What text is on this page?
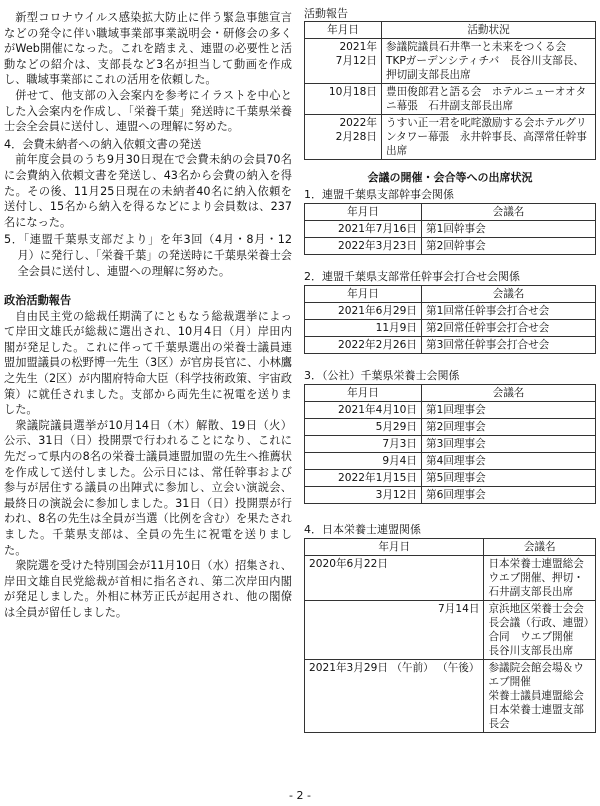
新型コロナウイルス感染拡大防止に伴う緊急事態宣言などの発令に伴い職域事業部事業説明会・研修会の多くがWeb開催になった。これを踏まえ、連盟の必要性と活動などの紹介は、支部長など3名が担当して動画を作成し、職域事業部にこれの活用を依頼した。

併せて、他支部の入会案内を参考にイラストを中心とした入会案内を作成し、「栄養千葉」発送時に千葉県栄養士会全会員に送付し、連盟への理解に努めた。

4．会費未納者への納入依頼文書の発送

前年度会員のうち9月30日現在で会費未納の会員70名に会費納入依頼文書を発送し、43名から会費の納入を得た。その後、11月25日現在の未納者40名に納入依頼を送付し、15名から納入を得るなどにより会員数は、237名になった。

5．「連盟千葉県支部だより」を年3回（4月・8月・12月）に発行し、「栄養千葉」の発送時に千葉県栄養士会全会員に送付し、連盟への理解に努めた。

政治活動報告

自由民主党の総裁任期満了にともなう総裁選挙によって岸田文雄氏が総裁に選出され、10月4日（月）岸田内閣が発足した。これに伴って千葉県選出の栄養士議員連盟加盟議員の松野博一先生（3区）が官房長官に、小林鷹之先生（2区）が内閣府特命大臣（科学技術政策、宇宙政策）に就任されました。支部から両先生に祝電を送りました。

衆議院議員選挙が10月14日（木）解散、19日（火）公示、31日（日）投開票で行われることになり、これに先だって県内の8名の栄養士議員連盟加盟の先生へ推薦状を作成して送付しました。公示日には、常任幹事および参与が居住する議員の出陣式に参加し、立会い演説会、最終日の演説会に参加しました。31日（日）投開票が行われ、8名の先生は全員が当選（比例を含む）を果たされました。千葉県支部は、全員の先生に祝電を送りました。

衆院選を受けた特別国会が11月10日（水）招集され、岸田文雄自民党総裁が首相に指名され、第二次岸田内閣が発足しました。外相に林芳正氏が起用され、他の閣僚は全員が留任しました。

活動報告
年月日	活動状況
2021年
7月12日	参議院議員石井準一と未来をつくる会　TKPガーデンシティチバ　長谷川支部長、押切副支部長出席
10月18日	豊田俊郎君と語る会　ホテルニューオオタニ幕張　石井副支部長出席
2022年
2月28日	うすい正一君を叱咤激励する会ホテルグリンタワー幕張　永井幹事長、高澤常任幹事出席
会議の開催・会合等への出席状況
1．連盟千葉県支部幹事会関係
年月日	会議名
2021年7月16日	第1回幹事会
2022年3月23日	第2回幹事会
2．連盟千葉県支部常任幹事会打合せ会関係
年月日	会議名
2021年6月29日	第1回常任幹事会打合せ会
11月9日	第2回常任幹事会打合せ会
2022年2月26日	第3回常任幹事会打合せ会
3．（公社）千葉県栄養士会関係
年月日	会議名
2021年4月10日	第1回理事会
5月29日	第2回理事会
7月3日	第3回理事会
9月4日	第4回理事会
2022年1月15日	第5回理事会
3月12日	第6回理事会
4．日本栄養士連盟関係
年月日	会議名
2020年6月22日	日本栄養士連盟総会　ウエブ開催、押切・石井副支部長出席
7月14日	京浜地区栄養士会会長会議（行政、連盟）合同　ウエブ開催　長谷川支部長出席
2021年3月29日 （午前） （午後）	参議院会館会場＆ウエブ開催
栄養士議員連盟総会
日本栄養士連盟支部長会
- 2 -
